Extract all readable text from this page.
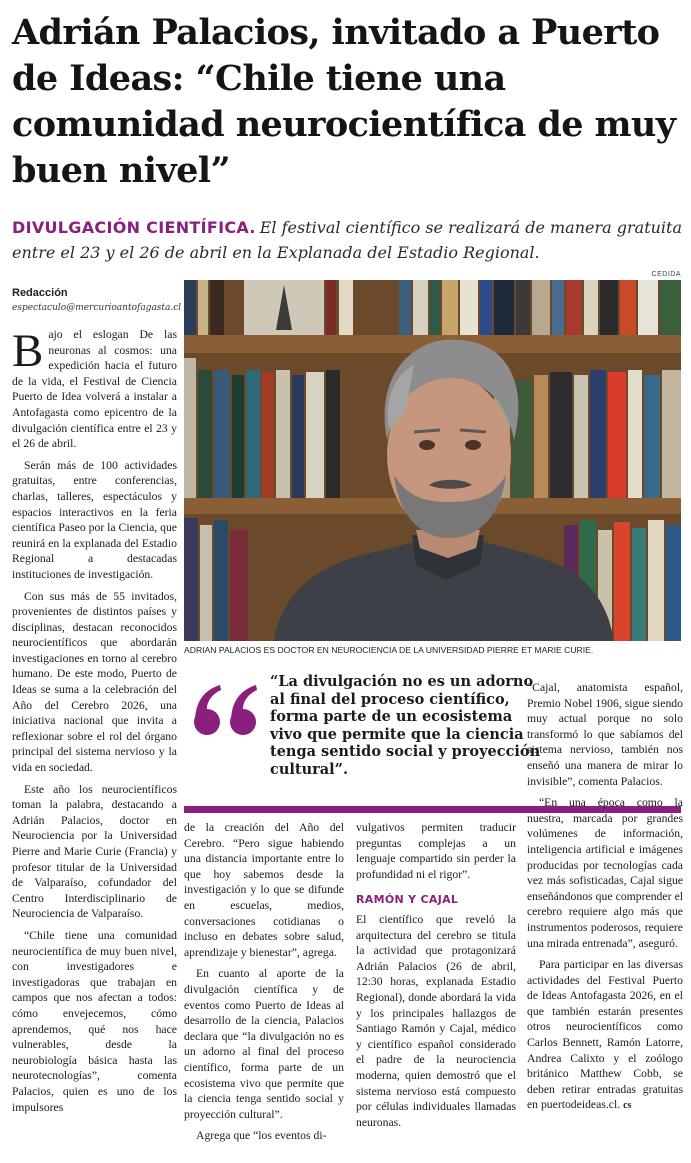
Adrián Palacios, invitado a Puerto de Ideas: “Chile tiene una comunidad neurocientífica de muy buen nivel”
DIVULGACIÓN CIENTÍFICA. El festival científico se realizará de manera gratuita entre el 23 y el 26 de abril en la Explanada del Estadio Regional.
Redacción
espectaculo@mercurioantofagasta.cl
CEDIDA
ADRIAN PALACIOS ES DOCTOR EN NEUROCIENCIA DE LA UNIVERSIDAD PIERRE ET MARIE CURIE.

“La divulgación no es un adorno al final del proceso científico, forma parte de un ecosistema vivo que permite que la ciencia tenga sentido social y proyección cultural”.

Bajo el eslogan De las neuronas al cosmos: una expedición hacia el futuro de la vida, el Festival de Ciencia Puerto de Idea volverá a instalar a Antofagasta como epicentro de la divulgación científica entre el 23 y el 26 de abril.

Serán más de 100 actividades gratuitas, entre conferencias, charlas, talleres, espectáculos y espacios interactivos en la feria científica Paseo por la Ciencia, que reunirá en la explanada del Estadio Regional a destacadas instituciones de investigación.

Con sus más de 55 invitados, provenientes de distintos países y disciplinas, destacan reconocidos neurocientíficos que abordarán investigaciones en torno al cerebro humano. De este modo, Puerto de Ideas se suma a la celebración del Año del Cerebro 2026, una iniciativa nacional que invita a reflexionar sobre el rol del órgano principal del sistema nervioso y la vida en sociedad.

Este año los neurocientíficos toman la palabra, destacando a Adrián Palacios, doctor en Neurociencia por la Universidad Pierre and Marie Curie (Francia) y profesor titular de la Universidad de Valparaíso, cofundador del Centro Interdisciplinario de Neurociencia de Valparaíso.

“Chile tiene una comunidad neurocientífica de muy buen nivel, con investigadores e investigadoras que trabajan en campos que nos afectan a todos: cómo envejecemos, cómo aprendemos, qué nos hace vulnerables, desde la neurobiología básica hasta las neurotecnologías”, comenta Palacios, quien es uno de los impulsores

de la creación del Año del Cerebro. “Pero sigue habiendo una distancia importante entre lo que hoy sabemos desde la investigación y lo que se difunde en escuelas, medios, conversaciones cotidianas o incluso en debates sobre salud, aprendizaje y bienestar”, agrega.

En cuanto al aporte de la divulgación científica y de eventos como Puerto de Ideas al desarrollo de la ciencia, Palacios declara que “la divulgación no es un adorno al final del proceso científico, forma parte de un ecosistema vivo que permite que la ciencia tenga sentido social y proyección cultural”.

Agrega que “los eventos di-

vulgativos permiten traducir preguntas complejas a un lenguaje compartido sin perder la profundidad ni el rigor”.

RAMÓN Y CAJAL

El científico que reveló la arquitectura del cerebro se titula la actividad que protagonizará Adrián Palacios (26 de abril, 12:30 horas, explanada Estadio Regional), donde abordará la vida y los principales hallazgos de Santiago Ramón y Cajal, médico y científico español considerado el padre de la neurociencia moderna, quien demostró que el sistema nervioso está compuesto por células individuales llamadas neuronas.

“Cajal, anatomista español, Premio Nobel 1906, sigue siendo muy actual porque no solo transformó lo que sabíamos del sistema nervioso, también nos enseñó una manera de mirar lo invisible”, comenta Palacios.

“En una época como la nuestra, marcada por grandes volúmenes de información, inteligencia artificial e imágenes producidas por tecnologías cada vez más sofisticadas, Cajal sigue enseñándonos que comprender el cerebro requiere algo más que instrumentos poderosos, requiere una mirada entrenada”, aseguró.

Para participar en las diversas actividades del Festival Puerto de Ideas Antofagasta 2026, en el que también estarán presentes otros neurocientíficos como Carlos Bennett, Ramón Latorre, Andrea Calixto y el zoólogo británico Matthew Cobb, se deben retirar entradas gratuitas en puertodeideas.cl. cs
